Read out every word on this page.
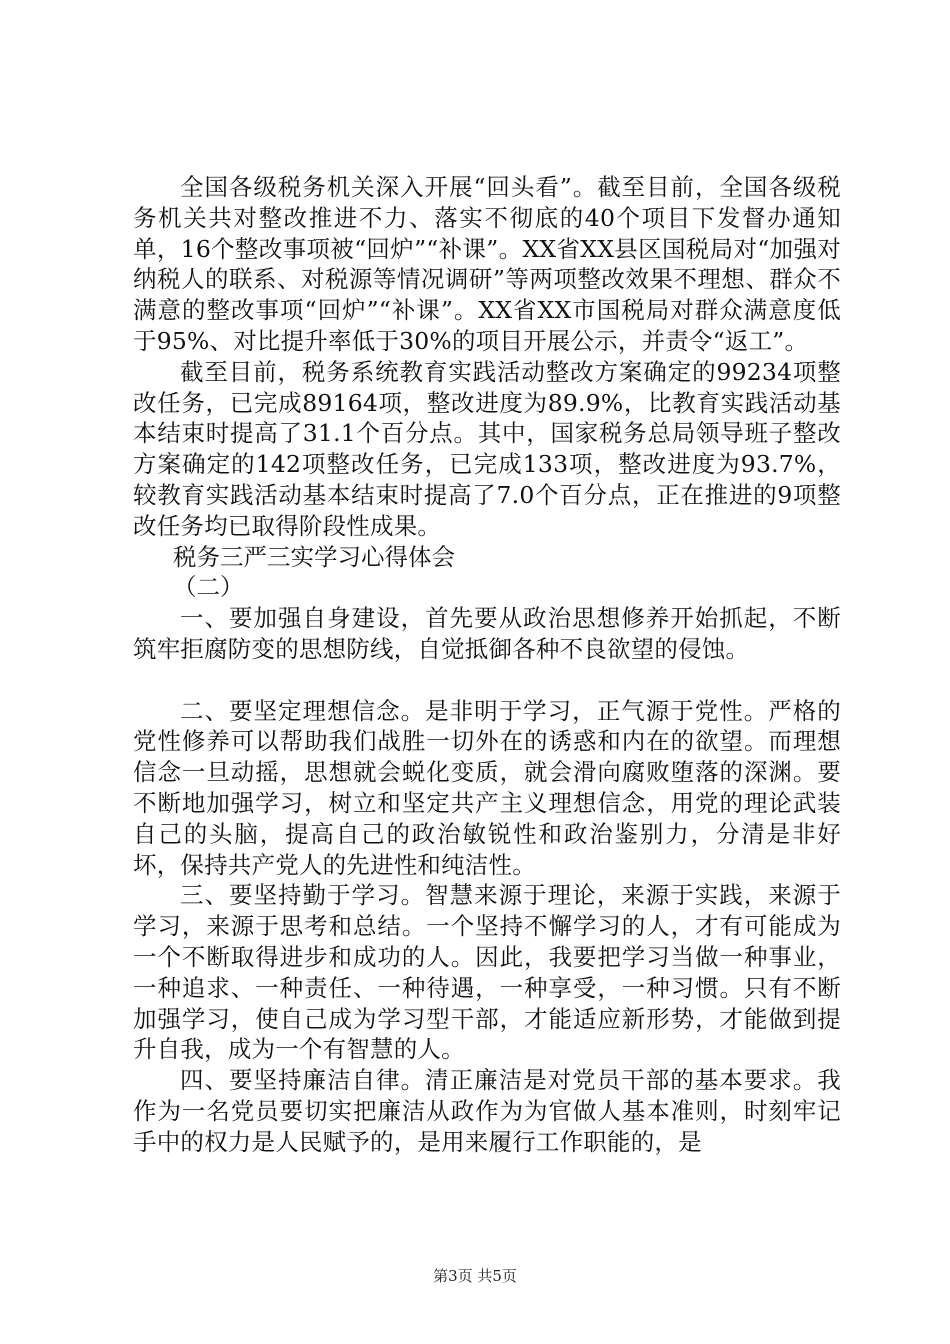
全国各级税务机关深入开展“回头看”。截至目前，全国各级税务机关共对整改推进不力、落实不彻底的40个项目下发督办通知单，16个整改事项被“回炉”“补课”。XX省XX县区国税局对“加强对纳税人的联系、对税源等情况调研”等两项整改效果不理想、群众不满意的整改事项“回炉”“补课”。XX省XX市国税局对群众满意度低于95%、对比提升率低于30%的项目开展公示，并责令“返工”。

截至目前，税务系统教育实践活动整改方案确定的99234项整改任务，已完成89164项，整改进度为89.9%，比教育实践活动基本结束时提高了31.1个百分点。其中，国家税务总局领导班子整改方案确定的142项整改任务，已完成133项，整改进度为93.7%，较教育实践活动基本结束时提高了7.0个百分点，正在推进的9项整改任务均已取得阶段性成果。

税务三严三实学习心得体会

（二）

一、要加强自身建设，首先要从政治思想修养开始抓起，不断筑牢拒腐防变的思想防线，自觉抵御各种不良欲望的侵蚀。

二、要坚定理想信念。是非明于学习，正气源于党性。严格的党性修养可以帮助我们战胜一切外在的诱惑和内在的欲望。而理想信念一旦动摇，思想就会蜕化变质，就会滑向腐败堕落的深渊。要不断地加强学习，树立和坚定共产主义理想信念，用党的理论武装自己的头脑，提高自己的政治敏锐性和政治鉴别力，分清是非好坏，保持共产党人的先进性和纯洁性。

三、要坚持勤于学习。智慧来源于理论，来源于实践，来源于学习，来源于思考和总结。一个坚持不懈学习的人，才有可能成为一个不断取得进步和成功的人。因此，我要把学习当做一种事业，一种追求、一种责任、一种待遇，一种享受，一种习惯。只有不断加强学习，使自己成为学习型干部，才能适应新形势，才能做到提升自我，成为一个有智慧的人。

四、要坚持廉洁自律。清正廉洁是对党员干部的基本要求。我作为一名党员要切实把廉洁从政作为为官做人基本准则，时刻牢记手中的权力是人民赋予的，是用来履行工作职能的，是

第3页 共5页
